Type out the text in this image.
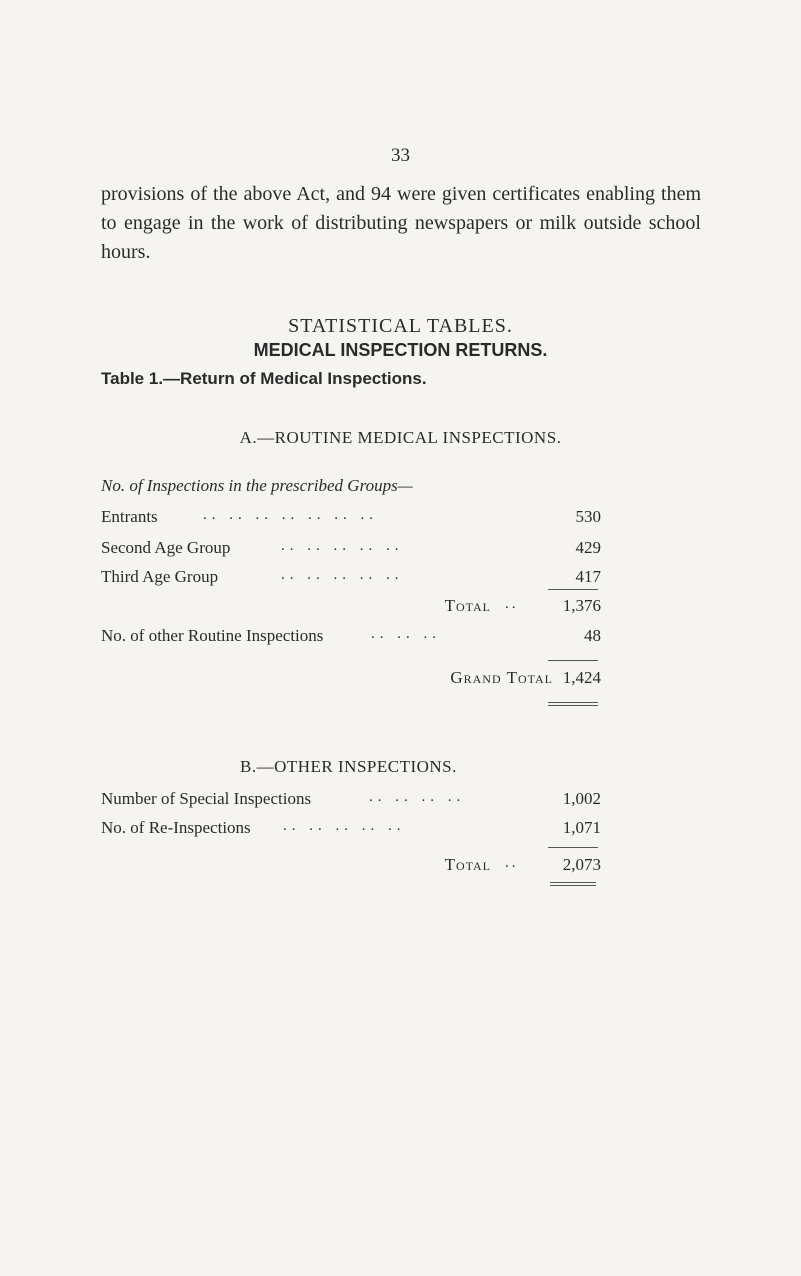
33
provisions of the above Act, and 94 were given certificates enabling them to engage in the work of distributing newspapers or milk outside school hours.
STATISTICAL TABLES.
MEDICAL INSPECTION RETURNS.
Table 1.—Return of Medical Inspections.
A.—ROUTINE MEDICAL INSPECTIONS.
No. of Inspections in the prescribed Groups—
Entrants	.. .. .. .. .. .. ..	530
Second Age Group	.. .. .. .. ..	429
Third Age Group	.. .. .. .. ..	417
Total	1,376
..
No. of other Routine Inspections	.. .. ..	48
Grand Total 1,424
B.—OTHER INSPECTIONS.
Number of Special Inspections	.. .. .. ..	1,002
No. of Re-Inspections .. .. .. .. ..	1,071
Total	2,073
..
